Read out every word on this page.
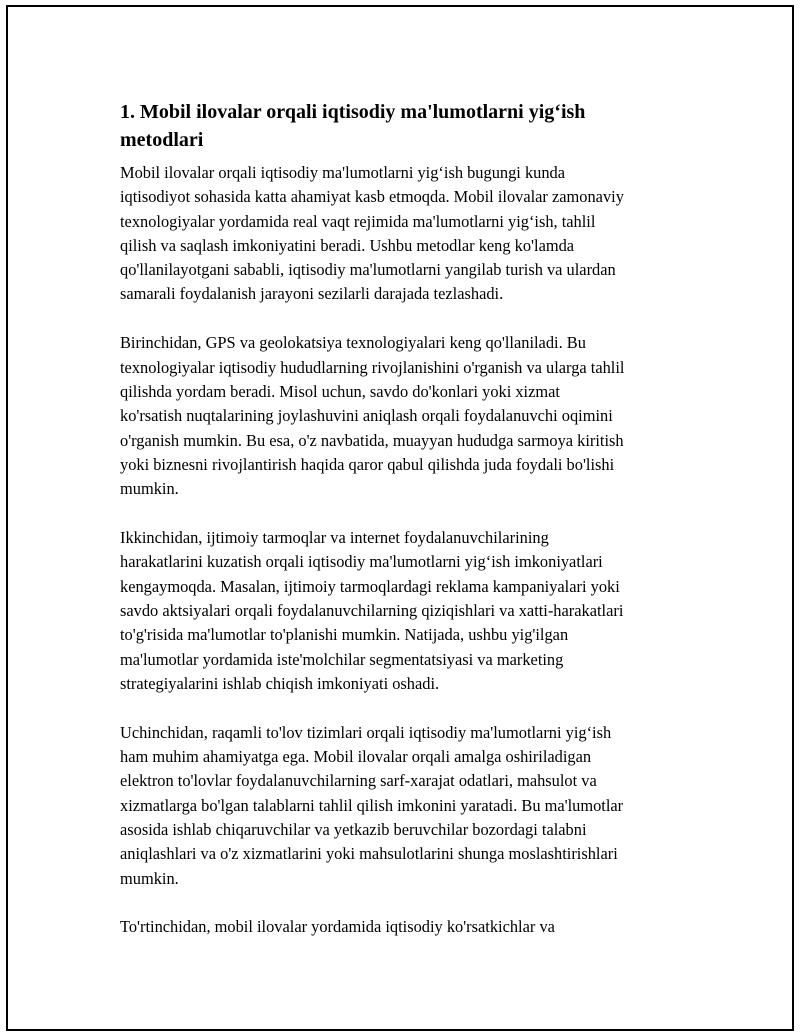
1. Mobil ilovalar orqali iqtisodiy ma'lumotlarni yig‘ish
metodlari

Mobil ilovalar orqali iqtisodiy ma'lumotlarni yig‘ish bugungi kunda
iqtisodiyot sohasida katta ahamiyat kasb etmoqda. Mobil ilovalar zamonaviy
texnologiyalar yordamida real vaqt rejimida ma'lumotlarni yig‘ish, tahlil
qilish va saqlash imkoniyatini beradi. Ushbu metodlar keng ko'lamda
qo'llanilayotgani sababli, iqtisodiy ma'lumotlarni yangilab turish va ulardan
samarali foydalanish jarayoni sezilarli darajada tezlashadi.

Birinchidan, GPS va geolokatsiya texnologiyalari keng qo'llaniladi. Bu
texnologiyalar iqtisodiy hududlarning rivojlanishini o'rganish va ularga tahlil
qilishda yordam beradi. Misol uchun, savdo do'konlari yoki xizmat
ko'rsatish nuqtalarining joylashuvini aniqlash orqali foydalanuvchi oqimini
o'rganish mumkin. Bu esa, o'z navbatida, muayyan hududga sarmoya kiritish
yoki biznesni rivojlantirish haqida qaror qabul qilishda juda foydali bo'lishi
mumkin.

Ikkinchidan, ijtimoiy tarmoqlar va internet foydalanuvchilarining
harakatlarini kuzatish orqali iqtisodiy ma'lumotlarni yig‘ish imkoniyatlari
kengaymoqda. Masalan, ijtimoiy tarmoqlardagi reklama kampaniyalari yoki
savdo aktsiyalari orqali foydalanuvchilarning qiziqishlari va xatti-harakatlari
to'g'risida ma'lumotlar to'planishi mumkin. Natijada, ushbu yig'ilgan
ma'lumotlar yordamida iste'molchilar segmentatsiyasi va marketing
strategiyalarini ishlab chiqish imkoniyati oshadi.

Uchinchidan, raqamli to'lov tizimlari orqali iqtisodiy ma'lumotlarni yig‘ish
ham muhim ahamiyatga ega. Mobil ilovalar orqali amalga oshiriladigan
elektron to'lovlar foydalanuvchilarning sarf-xarajat odatlari, mahsulot va
xizmatlarga bo'lgan talablarni tahlil qilish imkonini yaratadi. Bu ma'lumotlar
asosida ishlab chiqaruvchilar va yetkazib beruvchilar bozordagi talabni
aniqlashlari va o'z xizmatlarini yoki mahsulotlarini shunga moslashtirishlari
mumkin.

To'rtinchidan, mobil ilovalar yordamida iqtisodiy ko'rsatkichlar va
